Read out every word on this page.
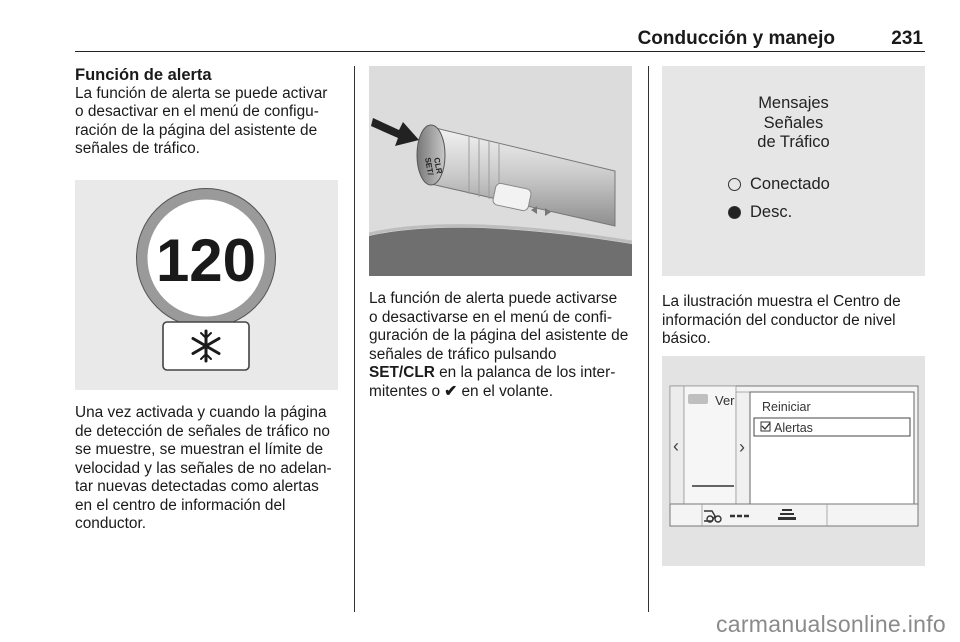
Conducción y manejo	231

Función de alerta

La función de alerta se puede activar

o desactivar en el menú de configu-

ración de la página del asistente de

señales de tráfico.

120

Una vez activada y cuando la página

de detección de señales de tráfico no

se muestre, se muestran el límite de

velocidad y las señales de no adelan-

tar nuevas detectadas como alertas

en el centro de información del

conductor.

SET/
CLR

La función de alerta puede activarse

o desactivarse en el menú de confi-

guración de la página del asistente de

señales de tráfico pulsando

SET/CLR en la palanca de los inter-

mitentes o ✔ en el volante.

Mensajes
Señales
de Tráfico
Conectado
Desc.

La ilustración muestra el Centro de

información del conductor de nivel

básico.

‹
Ver
›
Reiniciar
Alertas
carmanualsonline.info
